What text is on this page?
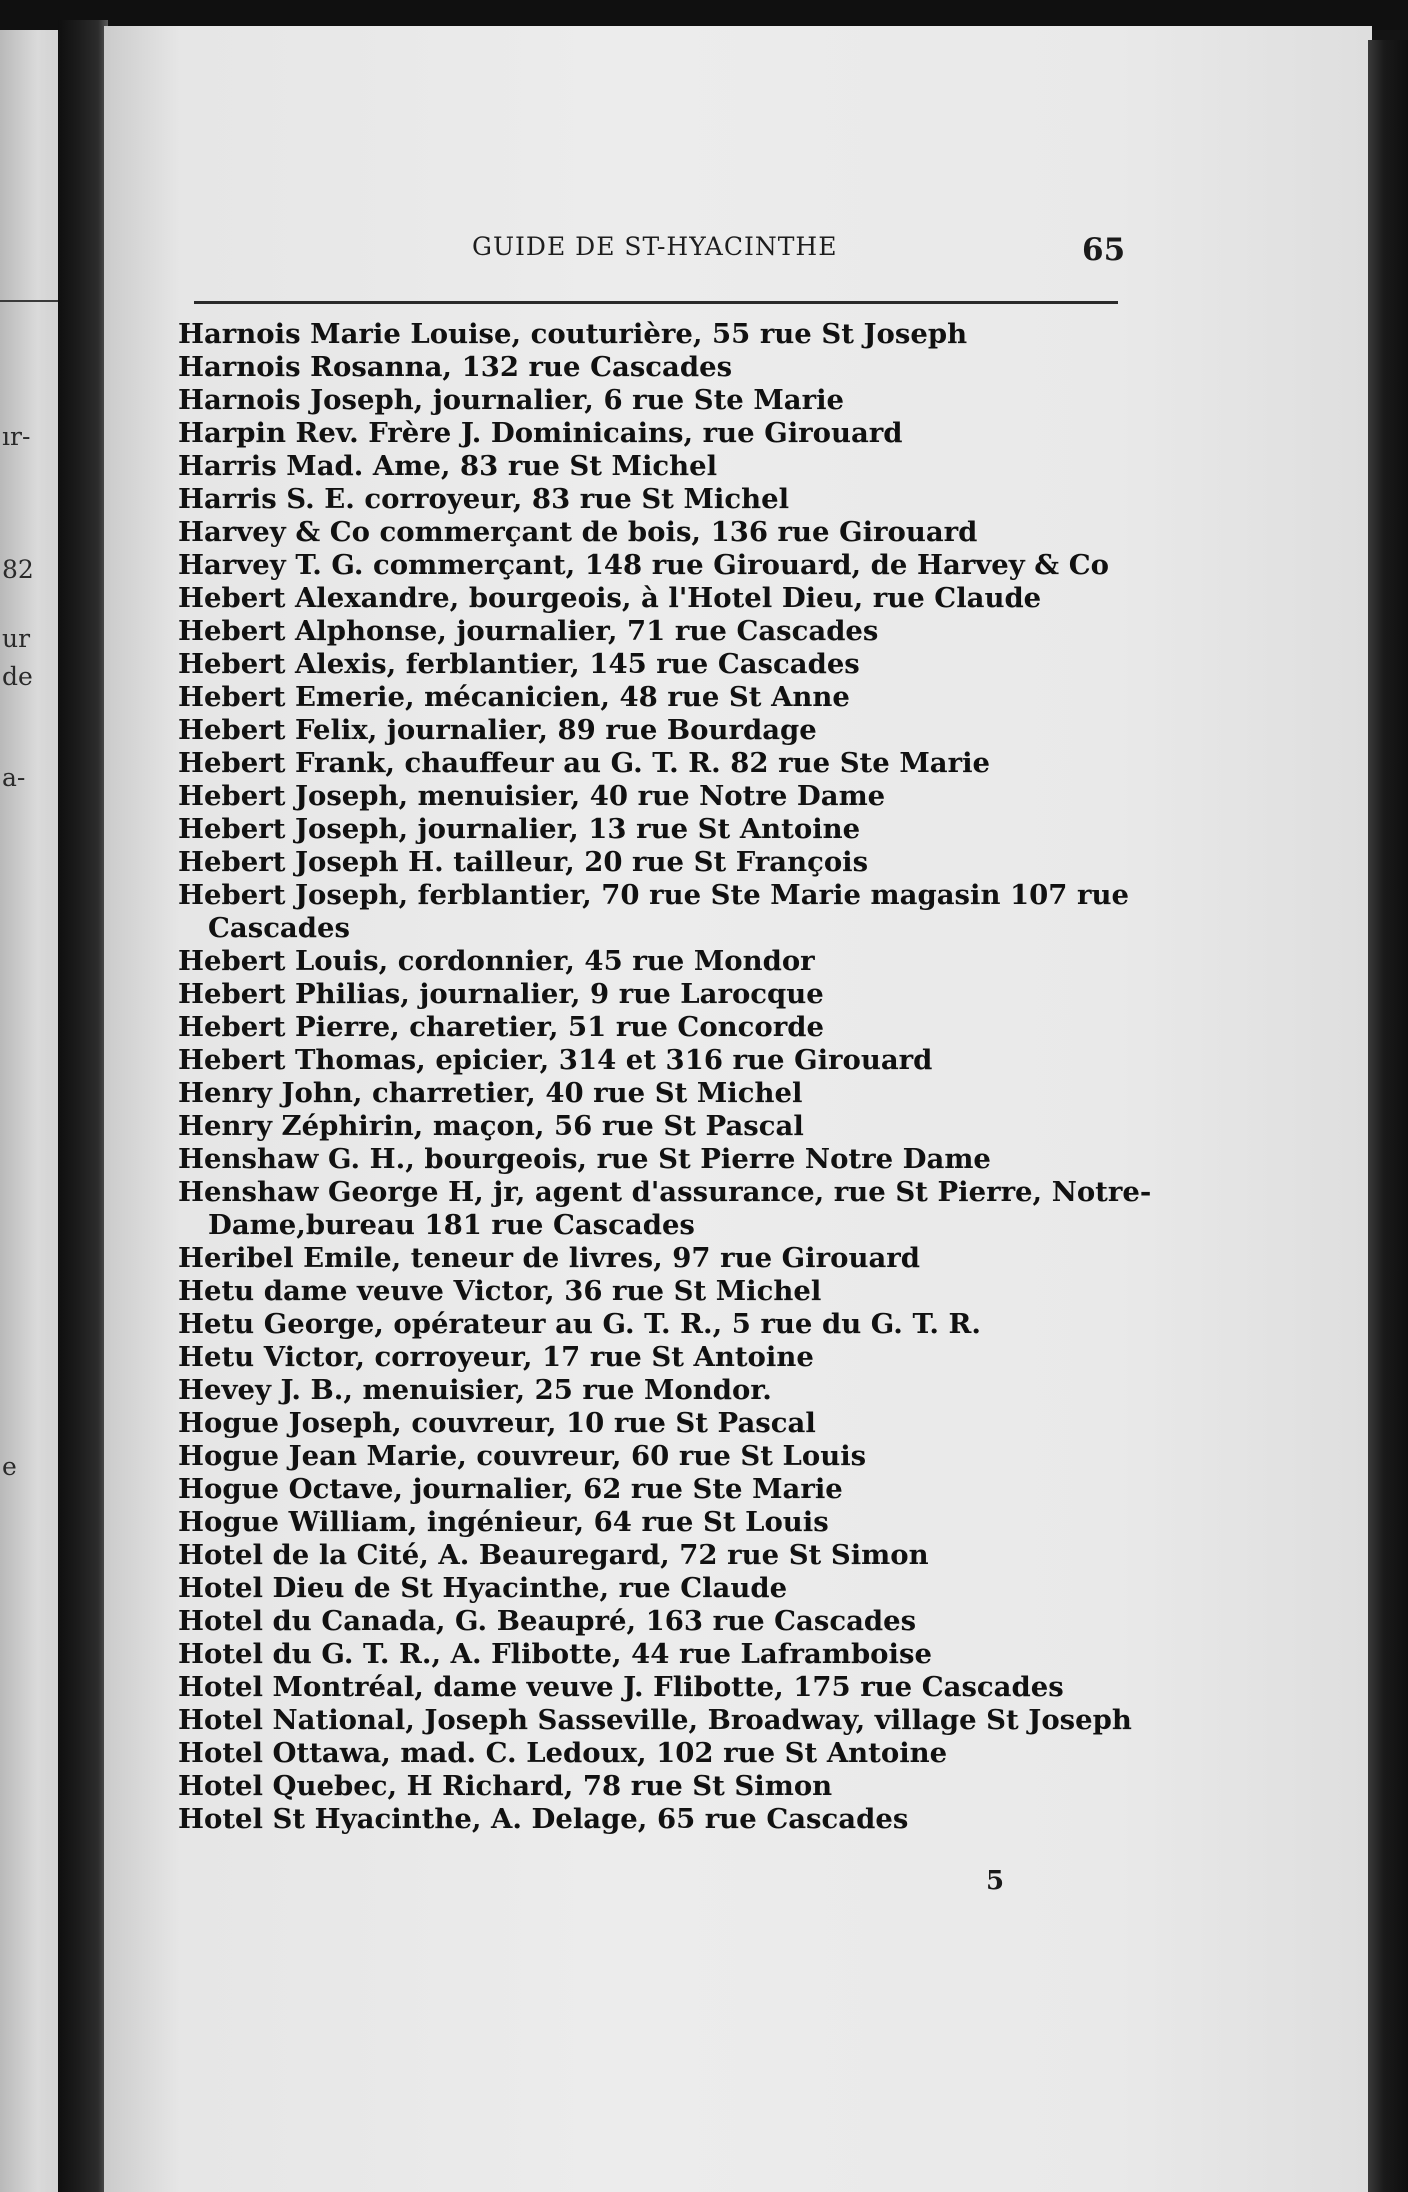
ır-
82
ur
de
a-
e
GUIDE DE ST-HYACINTHE	65
Harnois Marie Louise, couturière, 55 rue St Joseph
Harnois Rosanna, 132 rue Cascades
Harnois Joseph, journalier, 6 rue Ste Marie
Harpin Rev. Frère J. Dominicains, rue Girouard
Harris Mad. Ame, 83 rue St Michel
Harris S. E. corroyeur, 83 rue St Michel
Harvey & Co commerçant de bois, 136 rue Girouard
Harvey T. G. commerçant, 148 rue Girouard, de Harvey & Co
Hebert Alexandre, bourgeois, à l'Hotel Dieu, rue Claude
Hebert Alphonse, journalier, 71 rue Cascades
Hebert Alexis, ferblantier, 145 rue Cascades
Hebert Emerie, mécanicien, 48 rue St Anne
Hebert Felix, journalier, 89 rue Bourdage
Hebert Frank, chauffeur au G. T. R. 82 rue Ste Marie
Hebert Joseph, menuisier, 40 rue Notre Dame
Hebert Joseph, journalier, 13 rue St Antoine
Hebert Joseph H. tailleur, 20 rue St François
Hebert Joseph, ferblantier, 70 rue Ste Marie magasin 107 rue
Cascades
Hebert Louis, cordonnier, 45 rue Mondor
Hebert Philias, journalier, 9 rue Larocque
Hebert Pierre, charetier, 51 rue Concorde
Hebert Thomas, epicier, 314 et 316 rue Girouard
Henry John, charretier, 40 rue St Michel
Henry Zéphirin, maçon, 56 rue St Pascal
Henshaw G. H., bourgeois, rue St Pierre Notre Dame
Henshaw George H, jr, agent d'assurance, rue St Pierre, Notre-
Dame,bureau 181 rue Cascades
Heribel Emile, teneur de livres, 97 rue Girouard
Hetu dame veuve Victor, 36 rue St Michel
Hetu George, opérateur au G. T. R., 5 rue du G. T. R.
Hetu Victor, corroyeur, 17 rue St Antoine
Hevey J. B., menuisier, 25 rue Mondor.
Hogue Joseph, couvreur, 10 rue St Pascal
Hogue Jean Marie, couvreur, 60 rue St Louis
Hogue Octave, journalier, 62 rue Ste Marie
Hogue William, ingénieur, 64 rue St Louis
Hotel de la Cité, A. Beauregard, 72 rue St Simon
Hotel Dieu de St Hyacinthe, rue Claude
Hotel du Canada, G. Beaupré, 163 rue Cascades
Hotel du G. T. R., A. Flibotte, 44 rue Laframboise
Hotel Montréal, dame veuve J. Flibotte, 175 rue Cascades
Hotel National, Joseph Sasseville, Broadway, village St Joseph
Hotel Ottawa, mad. C. Ledoux, 102 rue St Antoine
Hotel Quebec, H Richard, 78 rue St Simon
Hotel St Hyacinthe, A. Delage, 65 rue Cascades
5
